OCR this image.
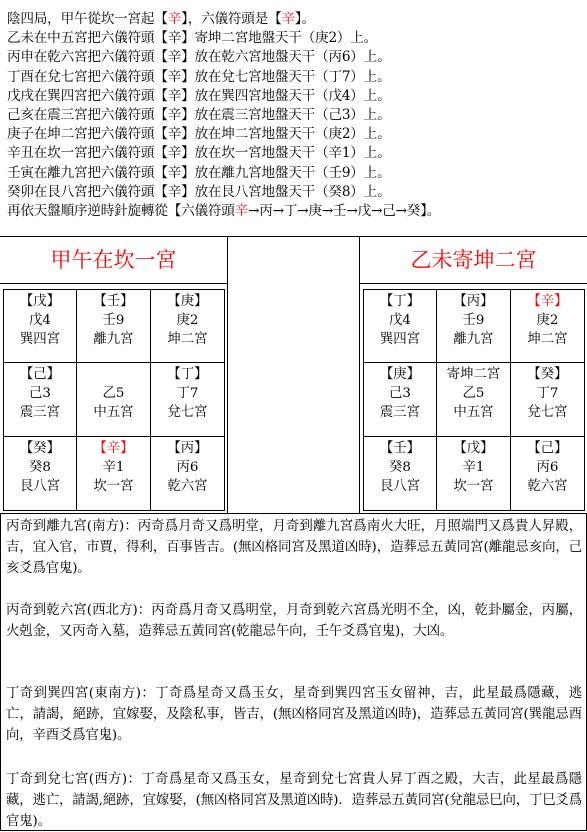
陰四局，甲午從坎一宮起【辛】，六儀符頭是【辛】。
乙未在中五宮把六儀符頭【辛】寄坤二宮地盤天干（庚2）上。
丙申在乾六宮把六儀符頭【辛】放在乾六宮地盤天干（丙6）上。
丁酉在兌七宮把六儀符頭【辛】放在兌七宮地盤天干（丁7）上。
戊戌在巽四宮把六儀符頭【辛】放在巽四宮地盤天干（戊4）上。
己亥在震三宮把六儀符頭【辛】放在震三宮地盤天干（己3）上。
庚子在坤二宮把六儀符頭【辛】放在坤二宮地盤天干（庚2）上。
辛丑在坎一宮把六儀符頭【辛】放在坎一宮地盤天干（辛1）上。
壬寅在離九宮把六儀符頭【辛】放在離九宮地盤天干（壬9）上。
癸卯在艮八宮把六儀符頭【辛】放在艮八宮地盤天干（癸8）上。
再依天盤順序逆時針旋轉從【六儀符頭辛→丙→丁→庚→壬→戊→己→癸】。
甲午在坎一宮
【戊】
戊4
巽四宮
【壬】
壬9
離九宮
【庚】
庚2
坤二宮
【己】
己3
震三宮

乙5
中五宮
【丁】
丁7
兌七宮
【癸】
癸8
艮八宮
【辛】
辛1
坎一宮
【丙】
丙6
乾六宮
乙未寄坤二宮
【丁】
戊4
巽四宮
【丙】
壬9
離九宮
【辛】
庚2
坤二宮
【庚】
己3
震三宮
寄坤二宮
乙5
中五宮
【癸】
丁7
兌七宮
【壬】
癸8
艮八宮
【戊】
辛1
坎一宮
【己】
丙6
乾六宮
丙奇到離九宮(南方)：丙奇爲月奇又爲明堂，月奇到離九宮爲南火大旺，月照端門又爲貴人昇殿，吉，宜入官，市賈，得利，百事皆吉。(無凶格同宮及黑道凶時)，造葬忌五黃同宮(離龍忌亥向，己亥爻爲官鬼)。
丙奇到乾六宮(西北方)：丙奇爲月奇又爲明堂，月奇到乾六宮爲光明不全，凶，乾卦屬金，丙屬，火剋金，又丙奇入墓，造葬忌五黃同宮(乾龍忌午向，壬午爻爲官鬼)，大凶。
丁奇到巽四宮(東南方)：丁奇爲星奇又爲玉女，星奇到巽四宮玉女留神，吉，此星最爲隱藏，逃亡，請謁，絕跡，宜嫁娶，及陰私事，皆吉，(無凶格同宮及黑道凶時)，造葬忌五黃同宮(巽龍忌酉向，辛酉爻爲官鬼)。
丁奇到兌七宮(西方)：丁奇爲星奇又爲玉女，星奇到兌七宮貴人昇丁酉之殿，大吉，此星最爲隱藏，逃亡，請謁,絕跡，宜嫁娶，(無凶格同宮及黑道凶時)．造葬忌五黃同宮(兌龍忌巳向，丁巳爻爲官鬼)。
